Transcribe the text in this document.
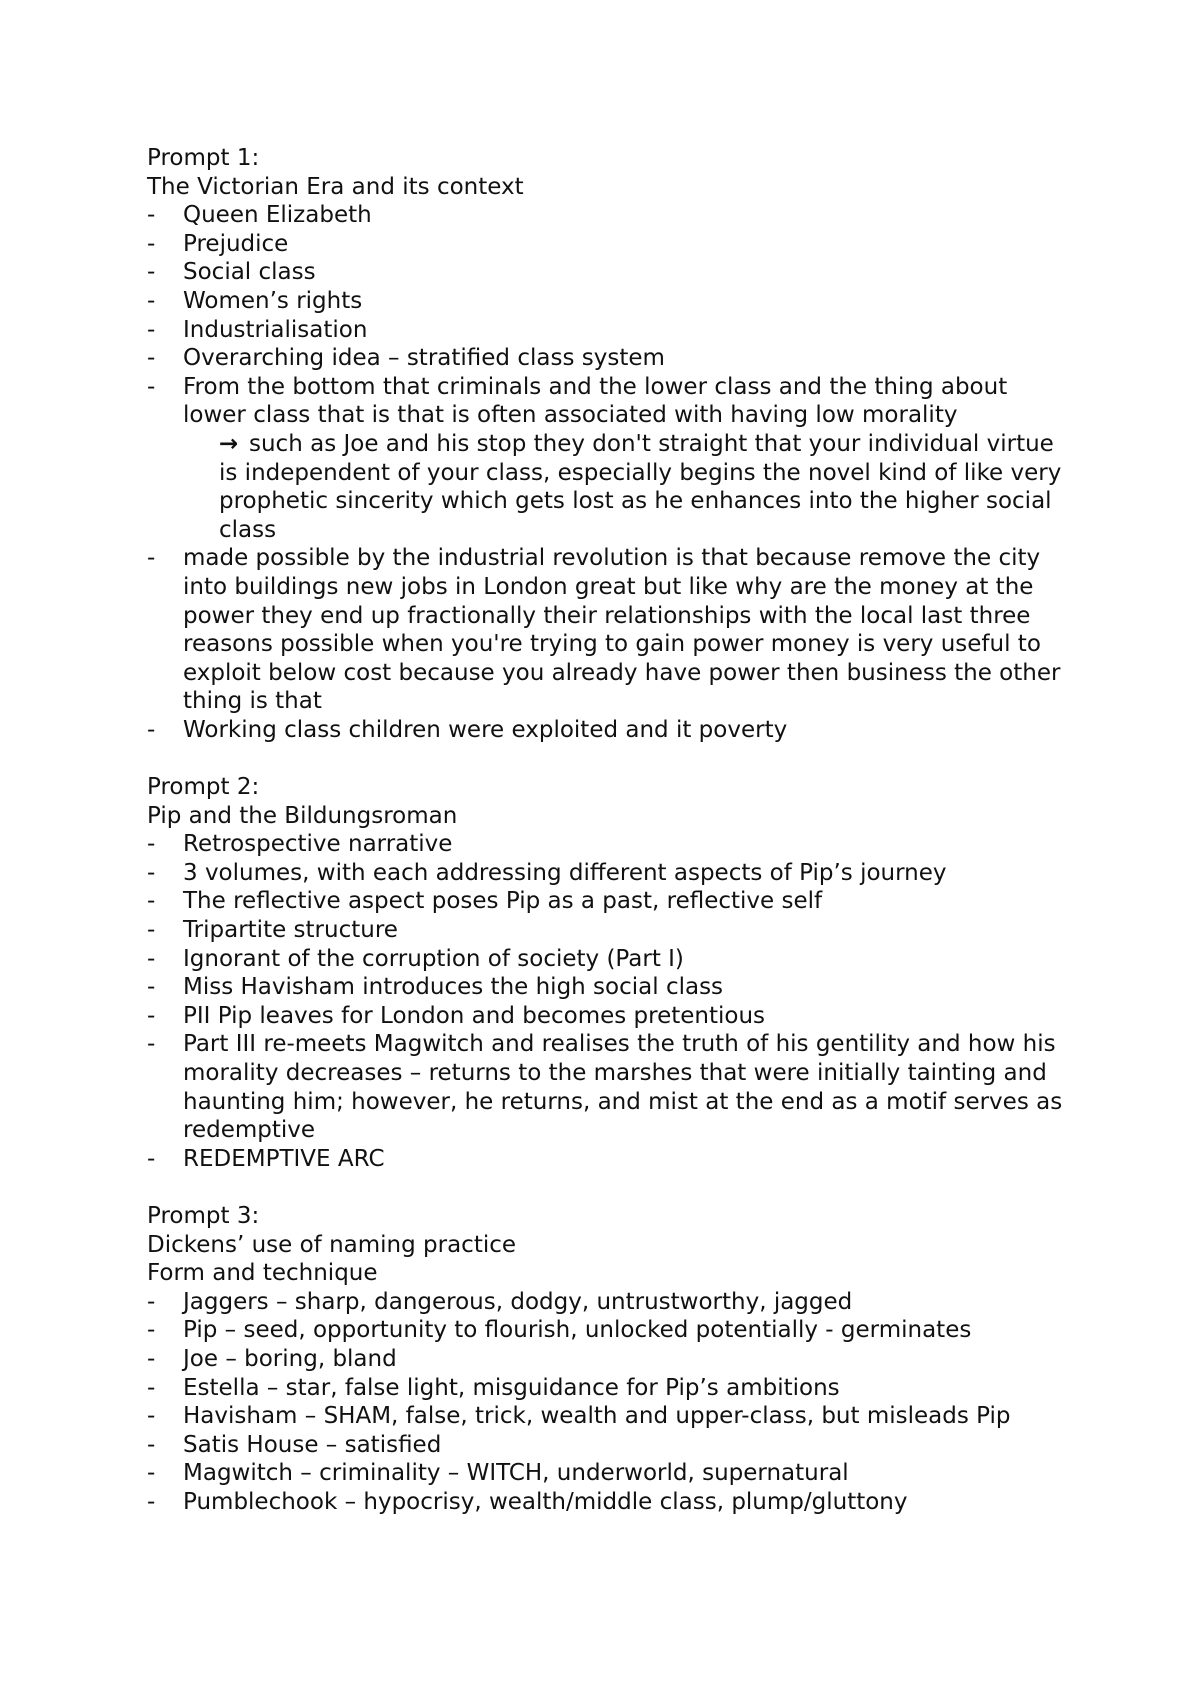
Prompt 1:
The Victorian Era and its context
- Queen Elizabeth
- Prejudice
- Social class
- Women’s rights
- Industrialisation
- Overarching idea – stratified class system
- From the bottom that criminals and the lower class and the thing about lower class that is that is often associated with having low morality
→ such as Joe and his stop they don't straight that your individual virtue is independent of your class, especially begins the novel kind of like very prophetic sincerity which gets lost as he enhances into the higher social class
- made possible by the industrial revolution is that because remove the city into buildings new jobs in London great but like why are the money at the power they end up fractionally their relationships with the local last three reasons possible when you're trying to gain power money is very useful to exploit below cost because you already have power then business the other thing is that
- Working class children were exploited and it poverty
Prompt 2:
Pip and the Bildungsroman
- Retrospective narrative
- 3 volumes, with each addressing different aspects of Pip’s journey
- The reflective aspect poses Pip as a past, reflective self
- Tripartite structure
- Ignorant of the corruption of society (Part I)
- Miss Havisham introduces the high social class
- PII Pip leaves for London and becomes pretentious
- Part III re-meets Magwitch and realises the truth of his gentility and how his morality decreases – returns to the marshes that were initially tainting and haunting him; however, he returns, and mist at the end as a motif serves as redemptive
- REDEMPTIVE ARC
Prompt 3:
Dickens’ use of naming practice
Form and technique
- Jaggers – sharp, dangerous, dodgy, untrustworthy, jagged
- Pip – seed, opportunity to flourish, unlocked potentially - germinates
- Joe – boring, bland
- Estella – star, false light, misguidance for Pip’s ambitions
- Havisham – SHAM, false, trick, wealth and upper-class, but misleads Pip
- Satis House – satisfied
- Magwitch – criminality – WITCH, underworld, supernatural
- Pumblechook – hypocrisy, wealth/middle class, plump/gluttony
